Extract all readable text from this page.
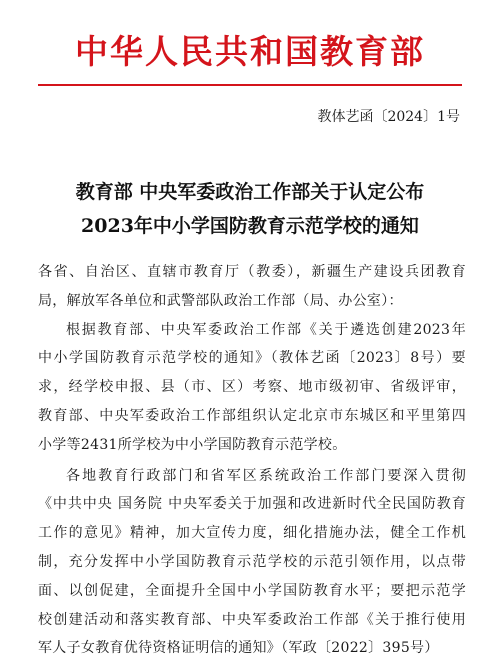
中华人民共和国教育部
教体艺函〔2024〕1号
教育部 中央军委政治工作部关于认定公布
2023年中小学国防教育示范学校的通知
各省、自治区、直辖市教育厅（教委），新疆生产建设兵团教育
局，解放军各单位和武警部队政治工作部（局、办公室）：
根据教育部、中央军委政治工作部《关于遴选创建2023年
中小学国防教育示范学校的通知》（教体艺函〔2023〕8号）要
求，经学校申报、县（市、区）考察、地市级初审、省级评审，
教育部、中央军委政治工作部组织认定北京市东城区和平里第四
小学等2431所学校为中小学国防教育示范学校。
各地教育行政部门和省军区系统政治工作部门要深入贯彻
《中共中央 国务院 中央军委关于加强和改进新时代全民国防教育
工作的意见》精神，加大宣传力度，细化措施办法，健全工作机
制，充分发挥中小学国防教育示范学校的示范引领作用，以点带
面、以创促建，全面提升全国中小学国防教育水平；要把示范学
校创建活动和落实教育部、中央军委政治工作部《关于推行使用
军人子女教育优待资格证明信的通知》（军政〔2022〕395号）
